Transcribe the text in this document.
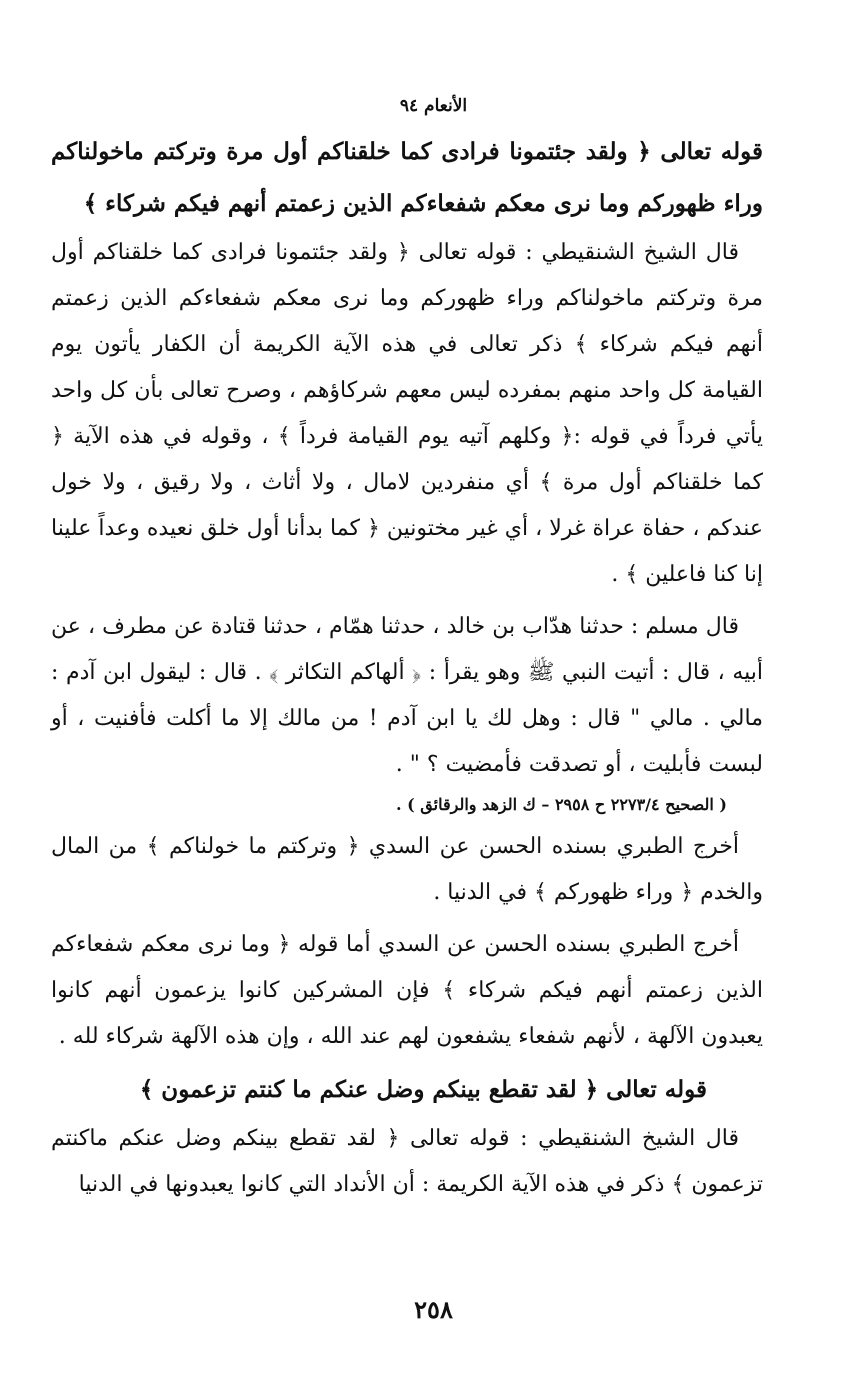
الأنعام ٩٤

قوله تعالى ﴿ ولقد جئتمونا فرادى كما خلقناكم أول مرة وتركتم ماخولناكم وراء ظهوركم وما نرى معكم شفعاءكم الذين زعمتم أنهم فيكم شركاء ﴾

قال الشيخ الشنقيطي : قوله تعالى ﴿ ولقد جئتمونا فرادى كما خلقناكم أول مرة وتركتم ماخولناكم وراء ظهوركم وما نرى معكم شفعاءكم الذين زعمتم أنهم فيكم شركاء ﴾ ذكر تعالى في هذه الآية الكريمة أن الكفار يأتون يوم القيامة كل واحد منهم بمفرده ليس معهم شركاؤهم ، وصرح تعالى بأن كل واحد يأتي فرداً في قوله :﴿ وكلهم آتيه يوم القيامة فرداً ﴾ ، وقوله في هذه الآية ﴿ كما خلقناكم أول مرة ﴾ أي منفردين لامال ، ولا أثاث ، ولا رقيق ، ولا خول عندكم ، حفاة عراة غرلا ، أي غير مختونين ﴿ كما بدأنا أول خلق نعيده وعداً علينا إنا كنا فاعلين ﴾ .

قال مسلم : حدثنا هدّاب بن خالد ، حدثنا همّام ، حدثنا قتادة عن مطرف ، عن أبيه ، قال : أتيت النبي ﷺ وهو يقرأ : ﴿ ألهاكم التكاثر ﴾ . قال : ليقول ابن آدم : مالي . مالي " قال : وهل لك يا ابن آدم ! من مالك إلا ما أكلت فأفنيت ، أو لبست فأبليت ، أو تصدقت فأمضيت ؟ " .

( الصحيح ٢٢٧٣/٤ ح ٢٩٥٨ – ك الزهد والرقائق ) .

أخرج الطبري بسنده الحسن عن السدي ﴿ وتركتم ما خولناكم ﴾ من المال والخدم ﴿ وراء ظهوركم ﴾ في الدنيا .

أخرج الطبري بسنده الحسن عن السدي أما قوله ﴿ وما نرى معكم شفعاءكم الذين زعمتم أنهم فيكم شركاء ﴾ فإن المشركين كانوا يزعمون أنهم كانوا يعبدون الآلهة ، لأنهم شفعاء يشفعون لهم عند الله ، وإن هذه الآلهة شركاء لله .

قوله تعالى ﴿ لقد تقطع بينكم وضل عنكم ما كنتم تزعمون ﴾

قال الشيخ الشنقيطي : قوله تعالى ﴿ لقد تقطع بينكم وضل عنكم ماكنتم تزعمون ﴾ ذكر في هذه الآية الكريمة : أن الأنداد التي كانوا يعبدونها في الدنيا

٢٥٨
